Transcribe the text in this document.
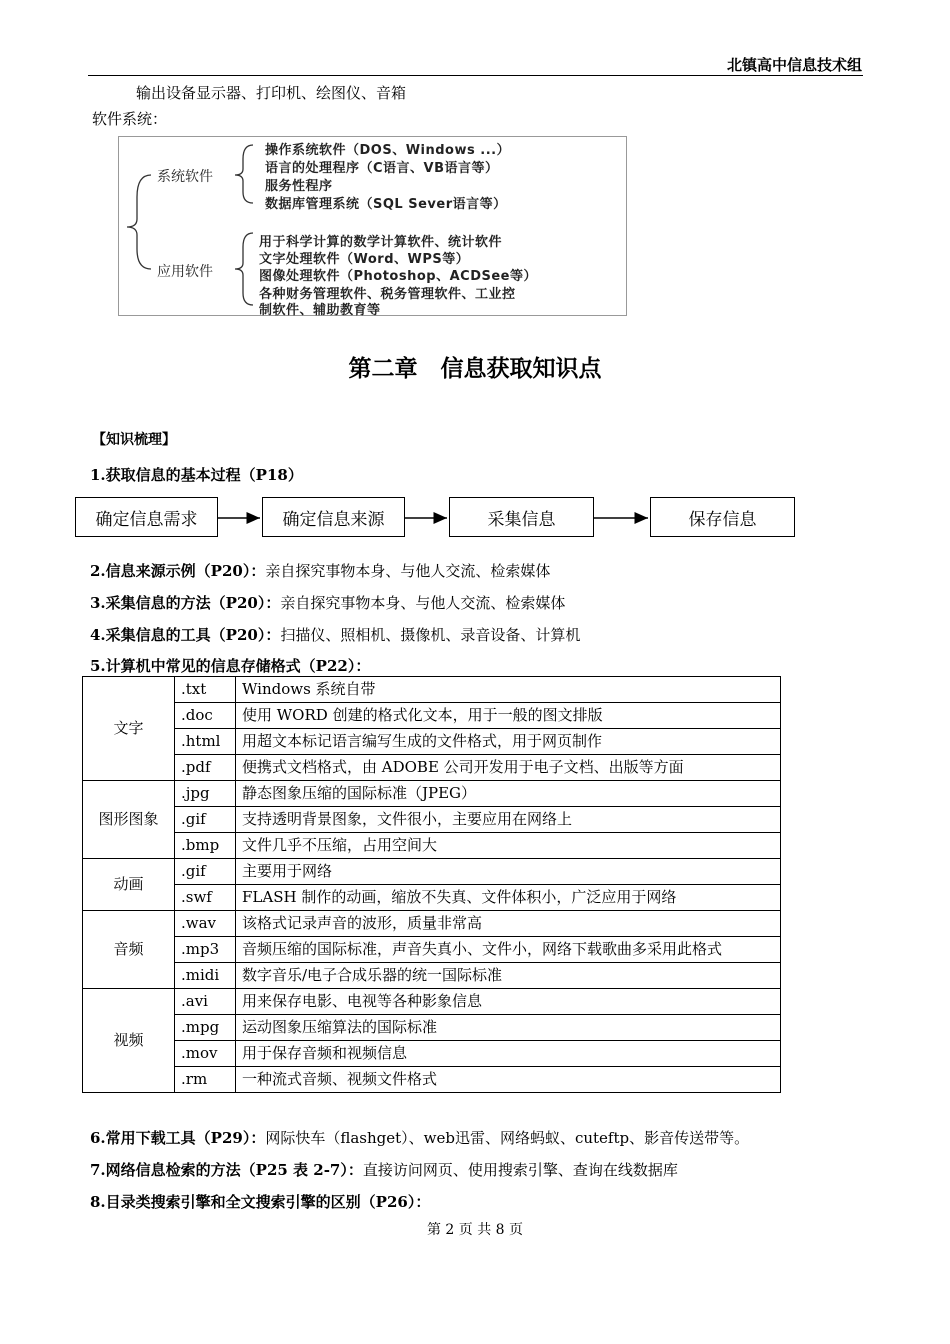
北镇高中信息技术组
输出设备显示器、打印机、绘图仪、音箱
软件系统：
系统软件
应用软件
操作系统软件（DOS、Windows ...）
语言的处理程序（C语言、VB语言等）
服务性程序
数据库管理系统（SQL Sever语言等）
用于科学计算的数学计算软件、统计软件
文字处理软件（Word、WPS等）
图像处理软件（Photoshop、ACDSee等）
各种财务管理软件、税务管理软件、工业控
制软件、辅助教育等
第二章　信息获取知识点
【知识梳理】
1.获取信息的基本过程（P18）
确定信息需求	确定信息来源	采集信息	保存信息
2.信息来源示例（P20）：亲自探究事物本身、与他人交流、检索媒体
3.采集信息的方法（P20）：亲自探究事物本身、与他人交流、检索媒体
4.采集信息的工具（P20）：扫描仪、照相机、摄像机、录音设备、计算机
5.计算机中常见的信息存储格式（P22）：
文字	.txt	Windows 系统自带
	.doc	使用 WORD 创建的格式化文本，用于一般的图文排版
	.html	用超文本标记语言编写生成的文件格式，用于网页制作
	.pdf	便携式文档格式，由 ADOBE 公司开发用于电子文档、出版等方面
图形图象	.jpg	静态图象压缩的国际标准（JPEG）
	.gif	支持透明背景图象，文件很小，主要应用在网络上
	.bmp	文件几乎不压缩，占用空间大
动画	.gif	主要用于网络
	.swf	FLASH 制作的动画，缩放不失真、文件体积小，广泛应用于网络
音频	.wav	该格式记录声音的波形，质量非常高
	.mp3	音频压缩的国际标准，声音失真小、文件小，网络下载歌曲多采用此格式
	.midi	数字音乐/电子合成乐器的统一国际标准
视频	.avi	用来保存电影、电视等各种影象信息
	.mpg	运动图象压缩算法的国际标准
	.mov	用于保存音频和视频信息
	.rm	一种流式音频、视频文件格式
6.常用下载工具（P29）：网际快车（flashget）、web迅雷、网络蚂蚁、cuteftp、影音传送带等。
7.网络信息检索的方法（P25 表 2-7）：直接访问网页、使用搜索引擎、查询在线数据库
8.目录类搜索引擎和全文搜索引擎的区别（P26）：
第 2 页 共 8 页
